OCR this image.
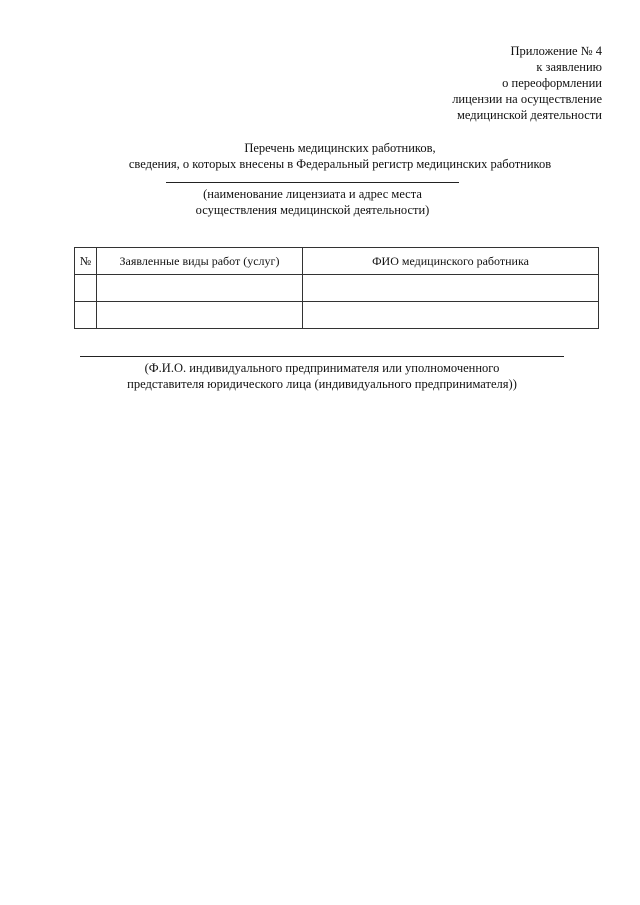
Приложение № 4
к заявлению
о переоформлении
лицензии на осуществление
медицинской деятельности
Перечень медицинских работников,
сведения, о которых внесены в Федеральный регистр медицинских работников
(наименование лицензиата и адрес места
осуществления медицинской деятельности)
№	Заявленные виды работ (услуг)	ФИО медицинского работника

(Ф.И.О. индивидуального предпринимателя или уполномоченного
представителя юридического лица (индивидуального предпринимателя))
